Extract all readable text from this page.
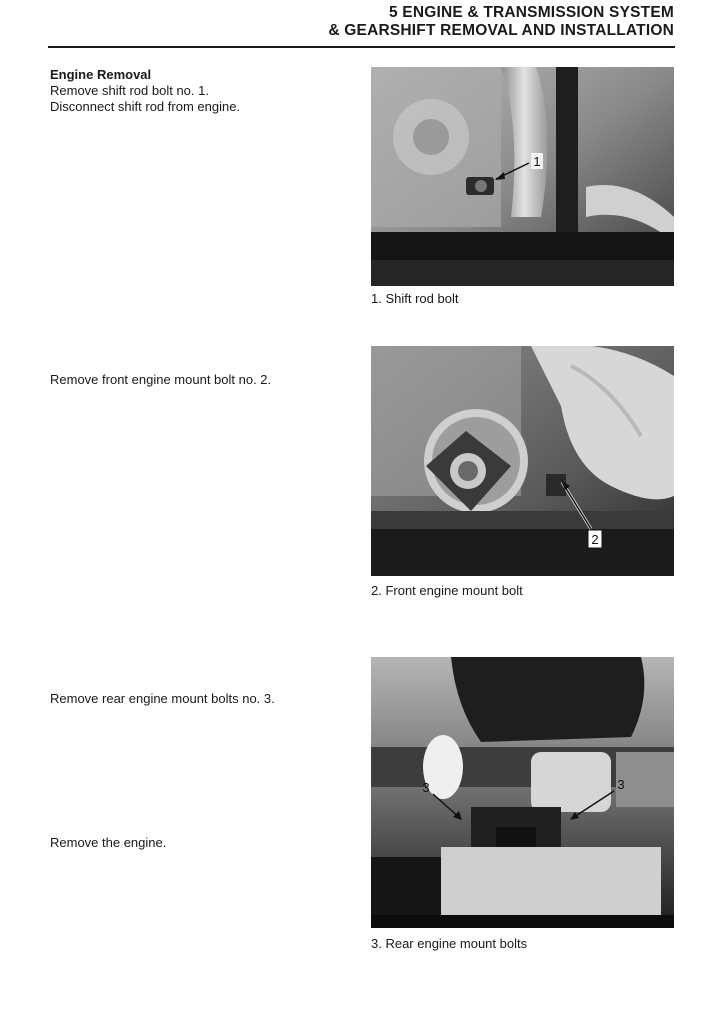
5 ENGINE & TRANSMISSION SYSTEM
& GEARSHIFT REMOVAL AND INSTALLATION
Engine Removal
Remove shift rod bolt no. 1.
Disconnect shift rod from engine.
Remove front engine mount bolt no. 2.
Remove rear engine mount bolts no. 3.
Remove the engine.
1
1. Shift rod bolt
2
2. Front engine mount bolt
3	3
3. Rear engine mount bolts
